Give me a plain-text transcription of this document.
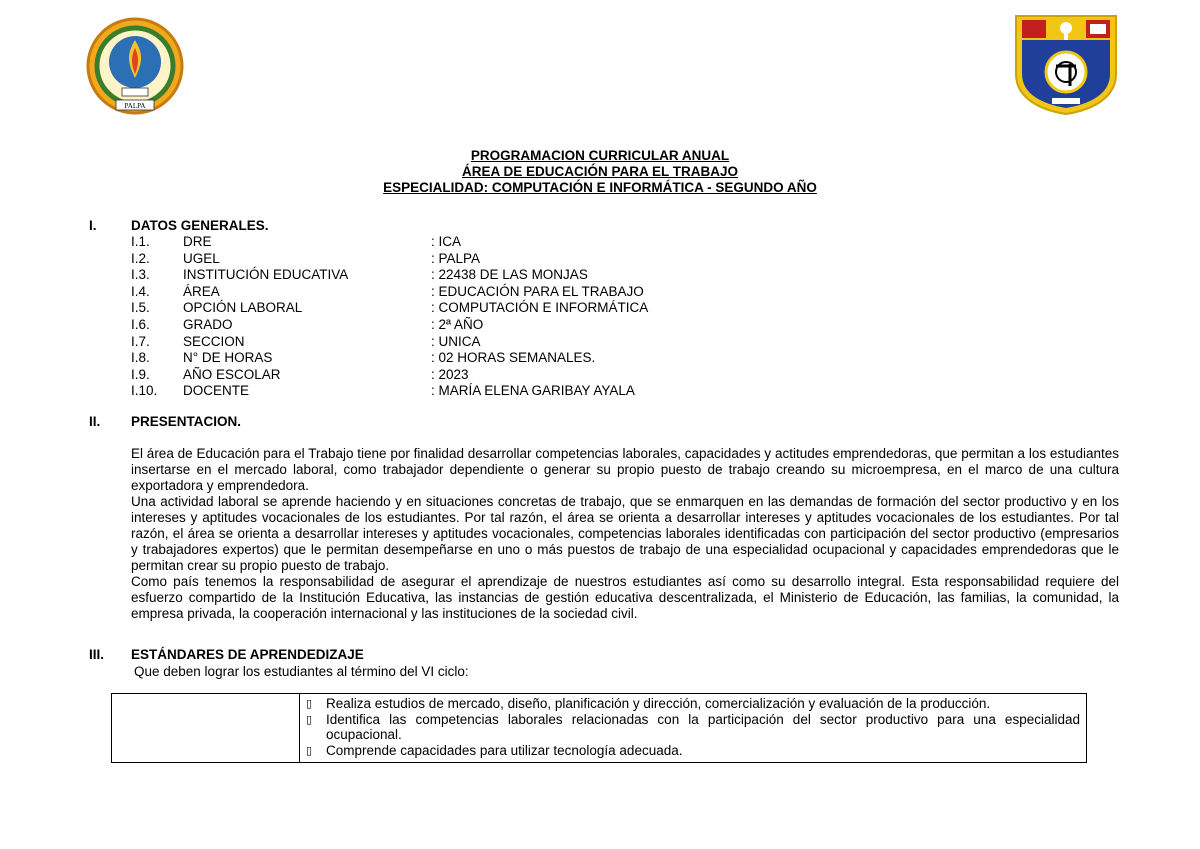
PALPA
PROGRAMACION CURRICULAR ANUAL
ÁREA DE EDUCACIÓN PARA EL TRABAJO
ESPECIALIDAD: COMPUTACIÓN E INFORMÁTICA - SEGUNDO AÑO
I.	DATOS GENERALES.
I.1. DRE	: ICA
I.2. UGEL	: PALPA
I.3. INSTITUCIÓN EDUCATIVA	: 22438 DE LAS MONJAS
I.4. ÁREA	: EDUCACIÓN PARA EL TRABAJO
I.5. OPCIÓN LABORAL	: COMPUTACIÓN E INFORMÁTICA
I.6. GRADO	: 2ª AÑO
I.7. SECCION	: UNICA
I.8. N° DE HORAS	: 02 HORAS SEMANALES.
I.9. AÑO ESCOLAR	: 2023
I.10. DOCENTE	: MARÍA ELENA GARIBAY AYALA
II. PRESENTACION.
El área de Educación para el Trabajo tiene por finalidad desarrollar competencias laborales, capacidades y actitudes emprendedoras, que permitan a los estudiantes insertarse en el mercado laboral, como trabajador dependiente o generar su propio puesto de trabajo creando su microempresa, en el marco de una cultura exportadora y emprendedora.
Una actividad laboral se aprende haciendo y en situaciones concretas de trabajo, que se enmarquen en las demandas de formación del sector productivo y en los intereses y aptitudes vocacionales de los estudiantes. Por tal razón, el área se orienta a desarrollar intereses y aptitudes vocacionales de los estudiantes. Por tal razón, el área se orienta a desarrollar intereses y aptitudes vocacionales, competencias laborales identificadas con participación del sector productivo (empresarios y trabajadores expertos) que le permitan desempeñarse en uno o más puestos de trabajo de una especialidad ocupacional y capacidades emprendedoras que le permitan crear su propio puesto de trabajo.
Como país tenemos la responsabilidad de asegurar el aprendizaje de nuestros estudiantes así como su desarrollo integral. Esta responsabilidad requiere del esfuerzo compartido de la Institución Educativa, las instancias de gestión educativa descentralizada, el Ministerio de Educación, las familias, la comunidad, la empresa privada, la cooperación internacional y las instituciones de la sociedad civil.
III. ESTÁNDARES DE APRENDEDIZAJE
Que deben lograr los estudiantes al término del VI ciclo:
▯ Realiza estudios de mercado, diseño, planificación y dirección, comercialización y evaluación de la producción.
▯ Identifica las competencias laborales relacionadas con la participación del sector productivo para una especialidad ocupacional.
▯ Comprende capacidades para utilizar tecnología adecuada.
